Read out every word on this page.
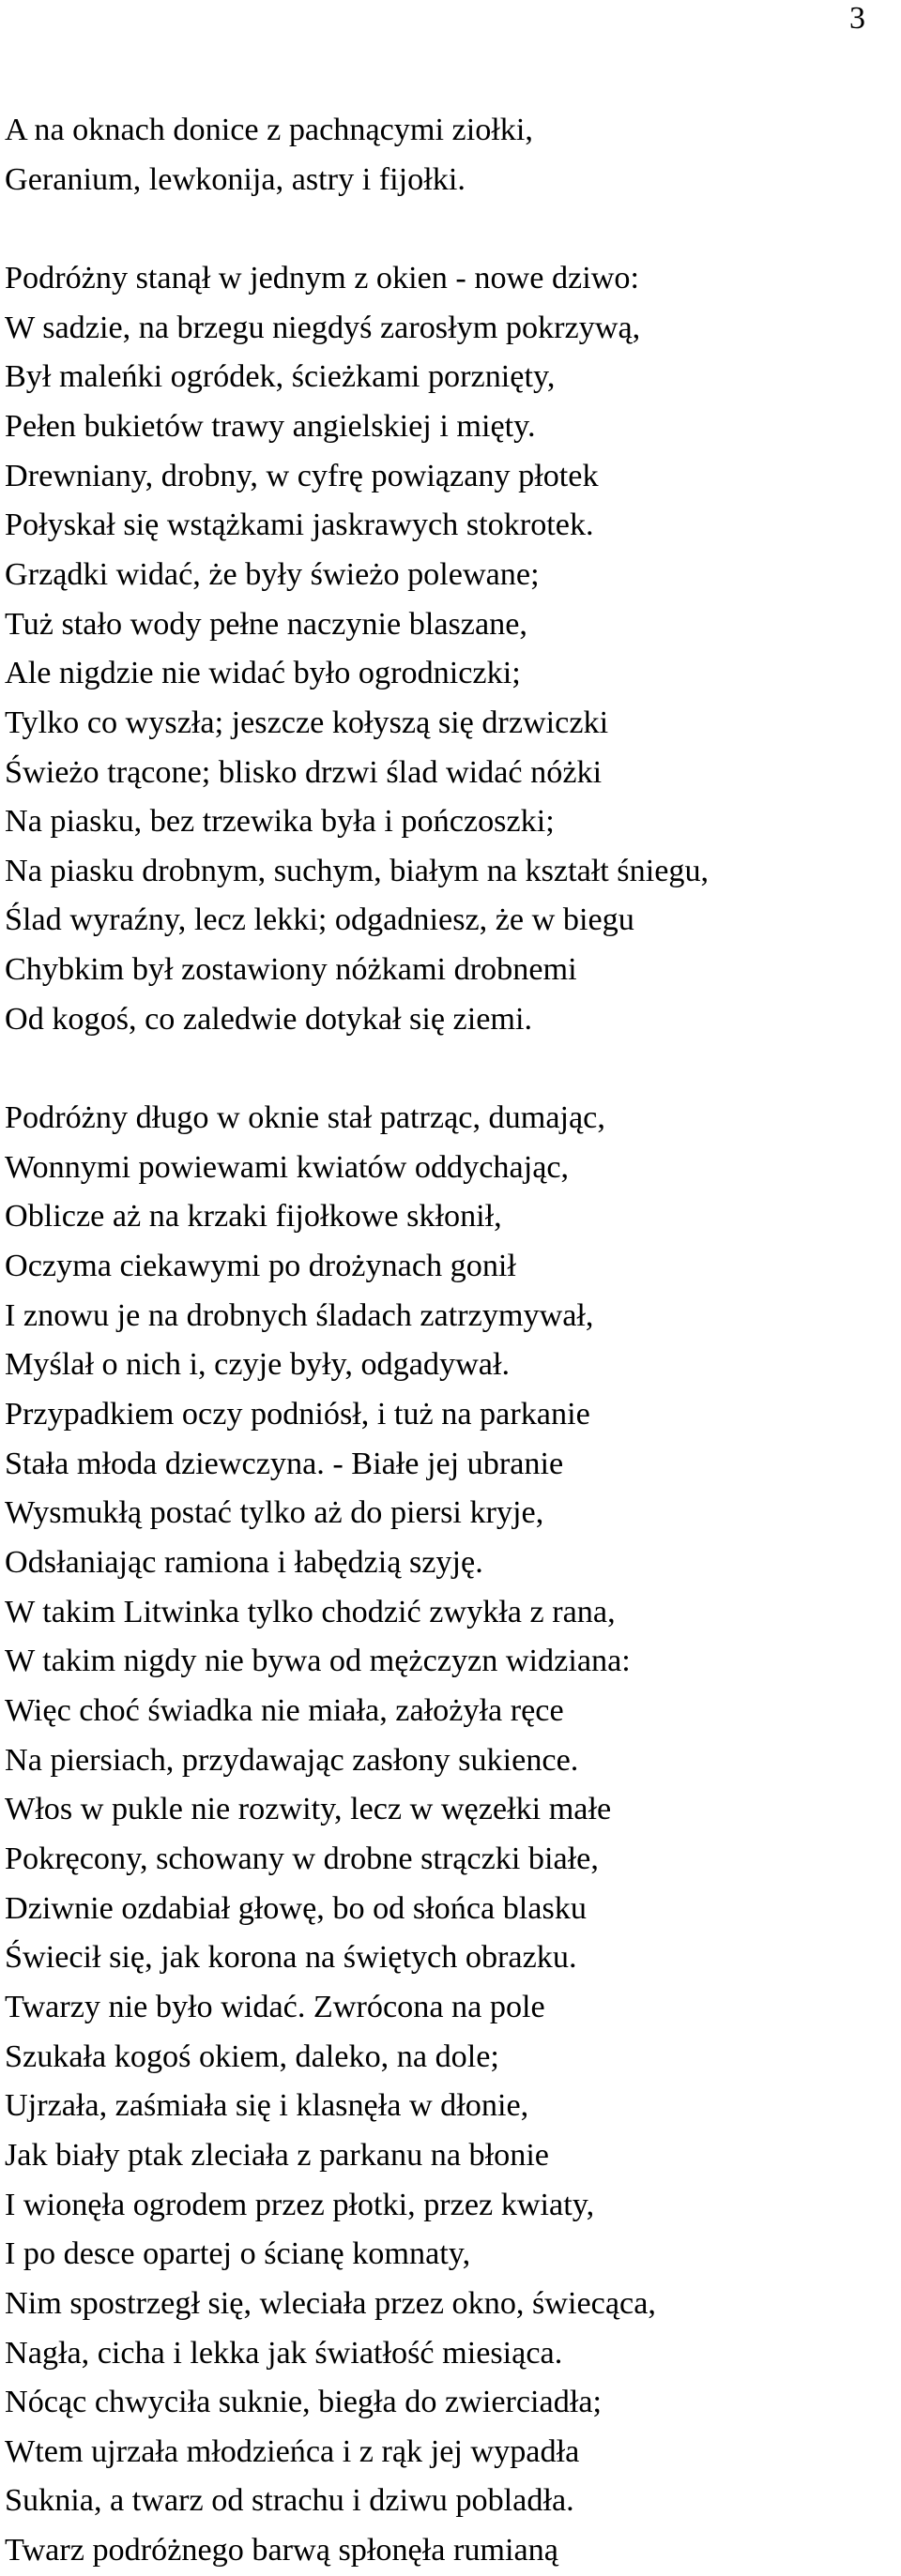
3
A na oknach donice z pachnącymi ziołki,
Geranium, lewkonija, astry i fijołki.
Podróżny stanął w jednym z okien - nowe dziwo:
W sadzie, na brzegu niegdyś zarosłym pokrzywą,
Był maleńki ogródek, ścieżkami porznięty,
Pełen bukietów trawy angielskiej i mięty.
Drewniany, drobny, w cyfrę powiązany płotek
Połyskał się wstążkami jaskrawych stokrotek.
Grządki widać, że były świeżo polewane;
Tuż stało wody pełne naczynie blaszane,
Ale nigdzie nie widać było ogrodniczki;
Tylko co wyszła; jeszcze kołyszą się drzwiczki
Świeżo trącone; blisko drzwi ślad widać nóżki
Na piasku, bez trzewika była i pończoszki;
Na piasku drobnym, suchym, białym na kształt śniegu,
Ślad wyraźny, lecz lekki; odgadniesz, że w biegu
Chybkim był zostawiony nóżkami drobnemi
Od kogoś, co zaledwie dotykał się ziemi.
Podróżny długo w oknie stał patrząc, dumając,
Wonnymi powiewami kwiatów oddychając,
Oblicze aż na krzaki fijołkowe skłonił,
Oczyma ciekawymi po drożynach gonił
I znowu je na drobnych śladach zatrzymywał,
Myślał o nich i, czyje były, odgadywał.
Przypadkiem oczy podniósł, i tuż na parkanie
Stała młoda dziewczyna. - Białe jej ubranie
Wysmukłą postać tylko aż do piersi kryje,
Odsłaniając ramiona i łabędzią szyję.
W takim Litwinka tylko chodzić zwykła z rana,
W takim nigdy nie bywa od mężczyzn widziana:
Więc choć świadka nie miała, założyła ręce
Na piersiach, przydawając zasłony sukience.
Włos w pukle nie rozwity, lecz w węzełki małe
Pokręcony, schowany w drobne strączki białe,
Dziwnie ozdabiał głowę, bo od słońca blasku
Świecił się, jak korona na świętych obrazku.
Twarzy nie było widać. Zwrócona na pole
Szukała kogoś okiem, daleko, na dole;
Ujrzała, zaśmiała się i klasnęła w dłonie,
Jak biały ptak zleciała z parkanu na błonie
I wionęła ogrodem przez płotki, przez kwiaty,
I po desce opartej o ścianę komnaty,
Nim spostrzegł się, wleciała przez okno, świecąca,
Nagła, cicha i lekka jak światłość miesiąca.
Nócąc chwyciła suknie, biegła do zwierciadła;
Wtem ujrzała młodzieńca i z rąk jej wypadła
Suknia, a twarz od strachu i dziwu pobladła.
Twarz podróżnego barwą spłonęła rumianą
